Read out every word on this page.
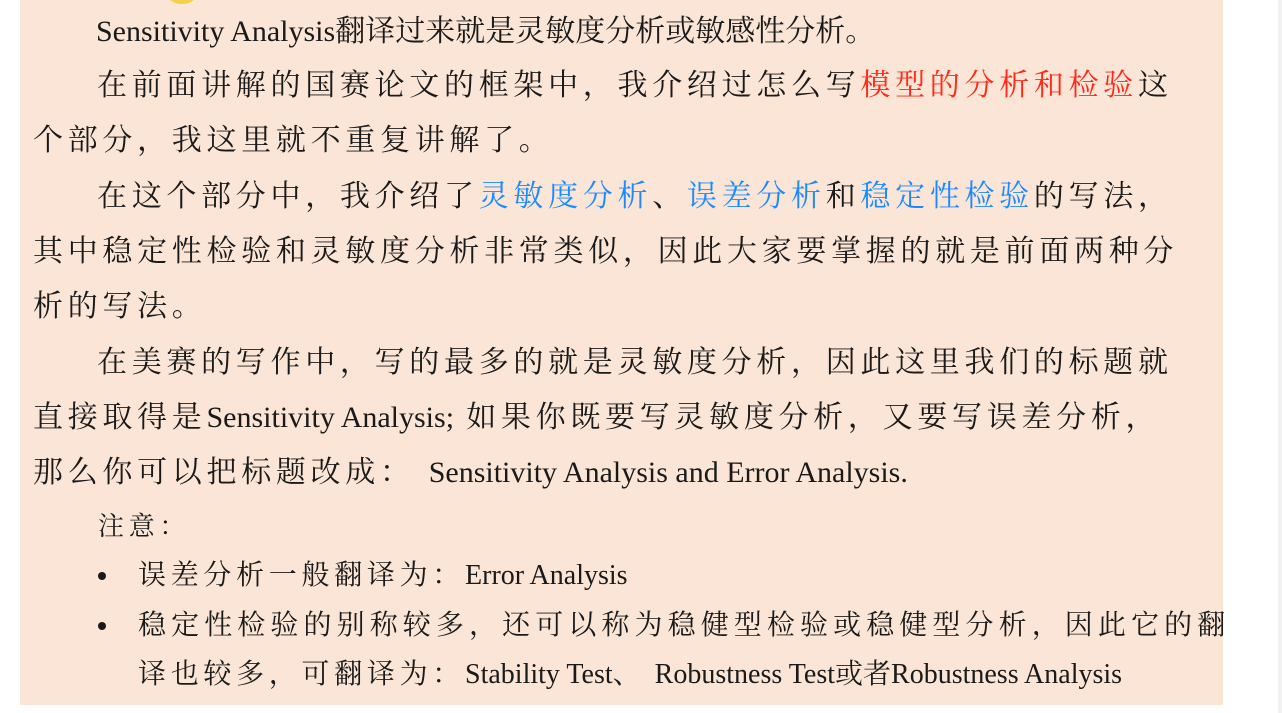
Sensitivity Analysis翻译过来就是灵敏度分析或敏感性分析。
在前面讲解的国赛论文的框架中，我介绍过怎么写模型的分析和检验这
个部分，我这里就不重复讲解了。
在这个部分中，我介绍了灵敏度分析、误差分析和稳定性检验的写法，
其中稳定性检验和灵敏度分析非常类似，因此大家要掌握的就是前面两种分
析的写法。
在美赛的写作中，写的最多的就是灵敏度分析，因此这里我们的标题就
直接取得是Sensitivity Analysis; 如果你既要写灵敏度分析，又要写误差分析，
那么你可以把标题改成： Sensitivity Analysis and Error Analysis.
注意：
误差分析一般翻译为：Error Analysis
稳定性检验的别称较多，还可以称为稳健型检验或稳健型分析，因此它的翻
译也较多，可翻译为：Stability Test、 Robustness Test或者Robustness Analysis
